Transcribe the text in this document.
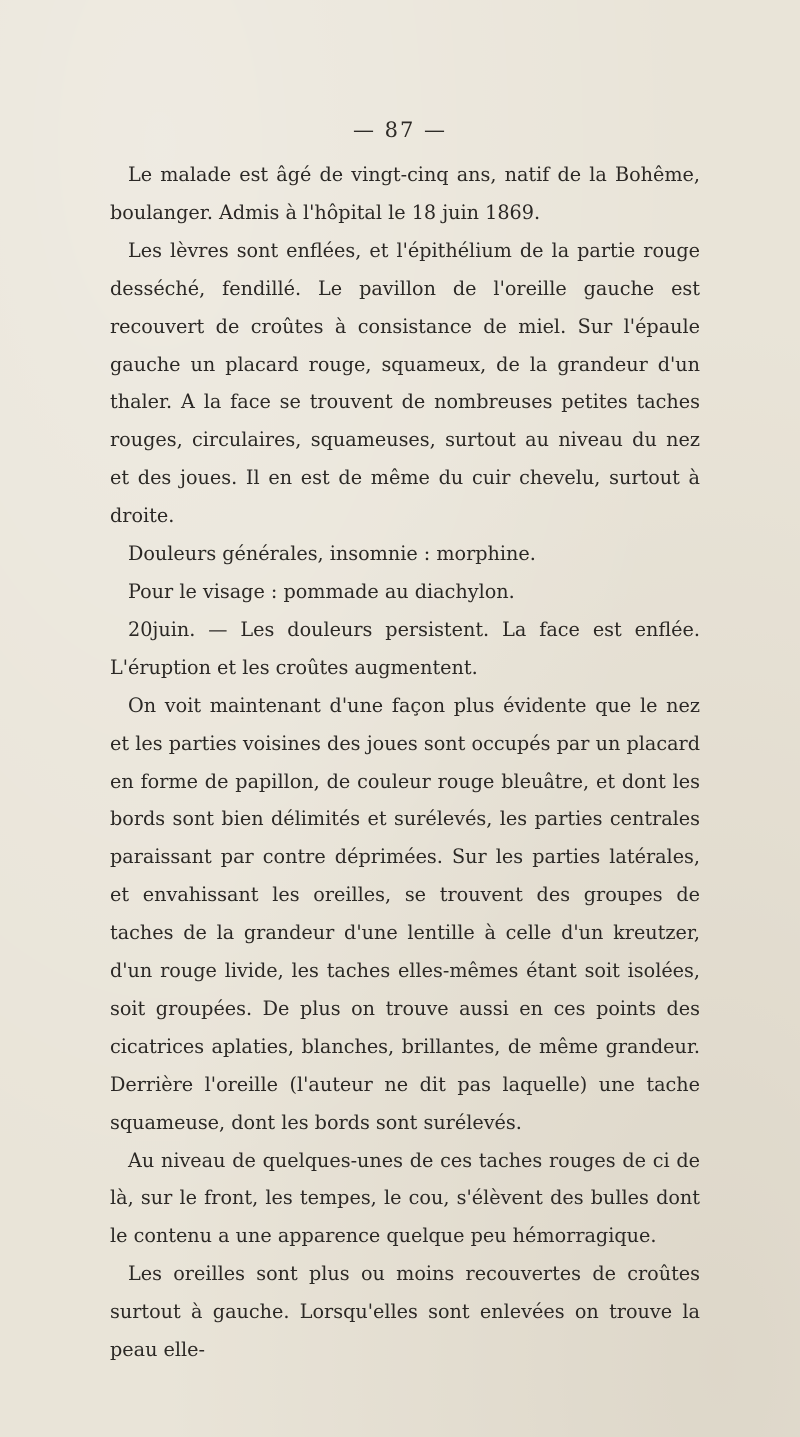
— 87 —

Le malade est âgé de vingt-cinq ans, natif de la Bohême, boulanger. Admis à l'hôpital le 18 juin 1869.

Les lèvres sont enflées, et l'épithélium de la partie rouge desséché, fendillé. Le pavillon de l'oreille gauche est recouvert de croûtes à consistance de miel. Sur l'épaule gauche un placard rouge, squameux, de la grandeur d'un thaler. A la face se trouvent de nombreuses petites taches rouges, circulaires, squameuses, surtout au niveau du nez et des joues. Il en est de même du cuir chevelu, surtout à droite.

Douleurs générales, insomnie : morphine.

Pour le visage : pommade au diachylon.

20juin. — Les douleurs persistent. La face est enflée. L'éruption et les croûtes augmentent.

On voit maintenant d'une façon plus évidente que le nez et les parties voisines des joues sont occupés par un placard en forme de papillon, de couleur rouge bleuâtre, et dont les bords sont bien délimités et surélevés, les parties centrales paraissant par contre déprimées. Sur les parties latérales, et envahissant les oreilles, se trouvent des groupes de taches de la grandeur d'une lentille à celle d'un kreutzer, d'un rouge livide, les taches elles-mêmes étant soit isolées, soit groupées. De plus on trouve aussi en ces points des cicatrices aplaties, blanches, brillantes, de même grandeur. Derrière l'oreille (l'auteur ne dit pas laquelle) une tache squameuse, dont les bords sont surélevés.

Au niveau de quelques-unes de ces taches rouges de ci de là, sur le front, les tempes, le cou, s'élèvent des bulles dont le contenu a une apparence quelque peu hémorragique.

Les oreilles sont plus ou moins recouvertes de croûtes surtout à gauche. Lorsqu'elles sont enlevées on trouve la peau elle-
